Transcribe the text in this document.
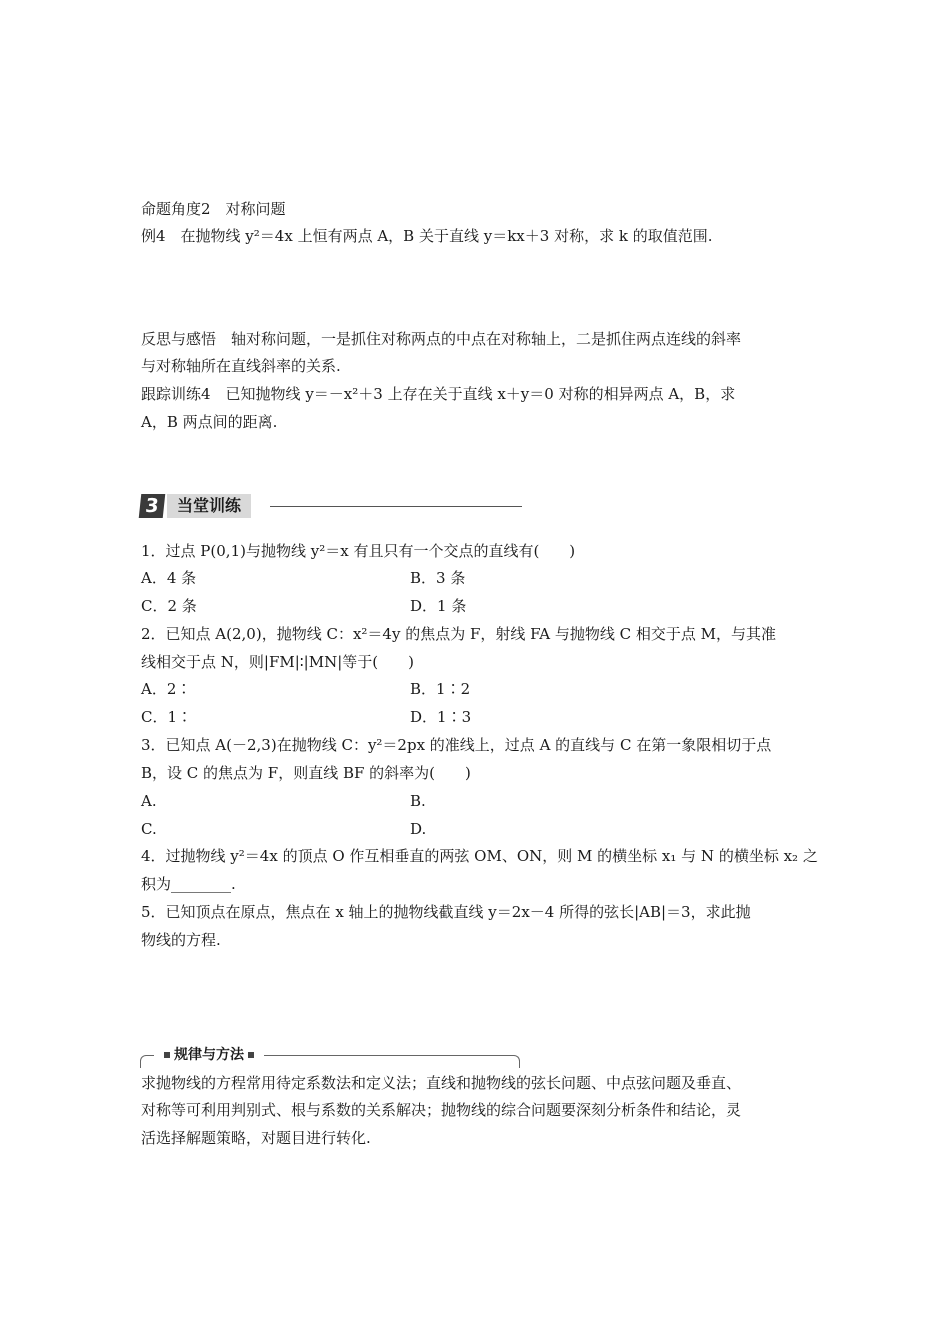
命题角度2　对称问题
例4　在抛物线 y²＝4x 上恒有两点 A，B 关于直线 y＝kx＋3 对称，求 k 的取值范围.
反思与感悟　轴对称问题，一是抓住对称两点的中点在对称轴上，二是抓住两点连线的斜率
与对称轴所在直线斜率的关系.
跟踪训练4　已知抛物线 y＝－x²＋3 上存在关于直线 x＋y＝0 对称的相异两点 A，B，求
A，B 两点间的距离.
3	当堂训练
1．过点 P(0,1)与抛物线 y²＝x 有且只有一个交点的直线有(　　)
A．4 条	B．3 条
C．2 条	D．1 条
2．已知点 A(2,0)，抛物线 C：x²＝4y 的焦点为 F，射线 FA 与抛物线 C 相交于点 M，与其准
线相交于点 N，则|FM|∶|MN|等于(　　)
A．2∶	B．1∶2
C．1∶	D．1∶3
3．已知点 A(－2,3)在抛物线 C：y²＝2px 的准线上，过点 A 的直线与 C 在第一象限相切于点
B，设 C 的焦点为 F，则直线 BF 的斜率为(　　)
A.	B.
C.	D.
4．过抛物线 y²＝4x 的顶点 O 作互相垂直的两弦 OM、ON，则 M 的横坐标 x₁ 与 N 的横坐标 x₂ 之
积为________.
5．已知顶点在原点，焦点在 x 轴上的抛物线截直线 y＝2x－4 所得的弦长|AB|＝3，求此抛
物线的方程.
规律与方法
求抛物线的方程常用待定系数法和定义法；直线和抛物线的弦长问题、中点弦问题及垂直、
对称等可利用判别式、根与系数的关系解决；抛物线的综合问题要深刻分析条件和结论，灵
活选择解题策略，对题目进行转化.
